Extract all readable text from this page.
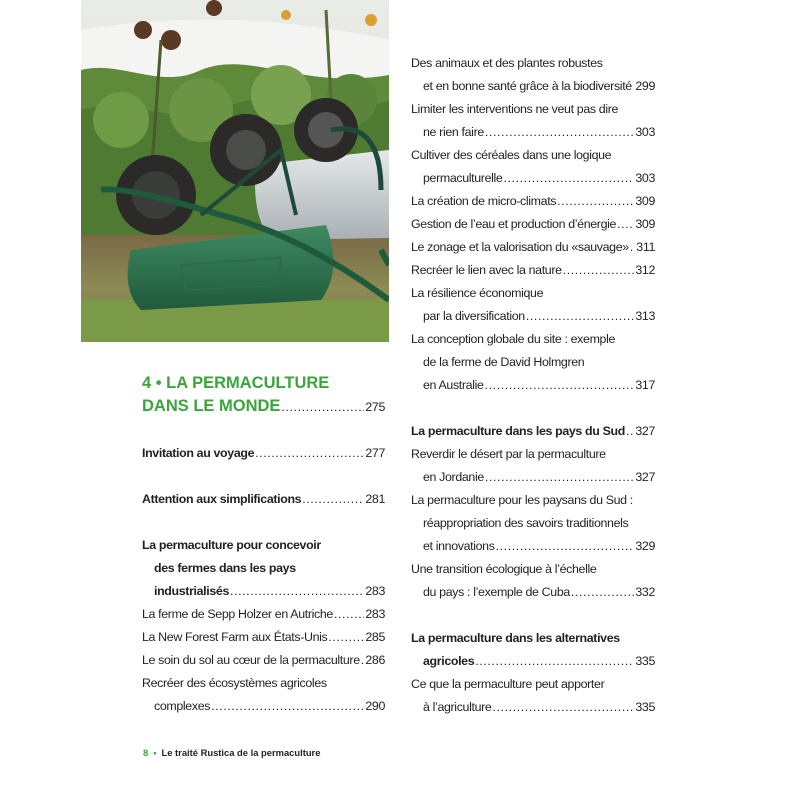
4 • LA PERMACULTURE
DANS LE MONDE .....	275
Invitation au voyage .....	277
Attention aux simplifications .....	281
La permaculture pour concevoir
des fermes dans les pays
industrialisés .....	283
La ferme de Sepp Holzer en Autriche .....	283
La New Forest Farm aux États-Unis .....	285
Le soin du sol au cœur de la permaculture ..... 286
Recréer des écosystèmes agricoles
complexes .....	290
Des animaux et des plantes robustes
et en bonne santé grâce à la biodiversité ..... 299
Limiter les interventions ne veut pas dire
ne rien faire .....	303
Cultiver des céréales dans une logique
permaculturelle .....	303
La création de micro-climats .....	309
Gestion de l’eau et production d’énergie ..... 309
Le zonage et la valorisation du «sauvage» ..... 311
Recréer le lien avec la nature .....	312
La résilience économique
par la diversification .....	313
La conception globale du site : exemple
de la ferme de David Holmgren
en Australie .....	317
La permaculture dans les pays du Sud ..... 327
Reverdir le désert par la permaculture
en Jordanie .....	327
La permaculture pour les paysans du Sud :
réappropriation des savoirs traditionnels
et innovations .....	329
Une transition écologique à l’échelle
du pays : l’exemple de Cuba .....	332
La permaculture dans les alternatives
agricoles .....	335
Ce que la permaculture peut apporter
à l’agriculture .....	335
8 • Le traité Rustica de la permaculture
